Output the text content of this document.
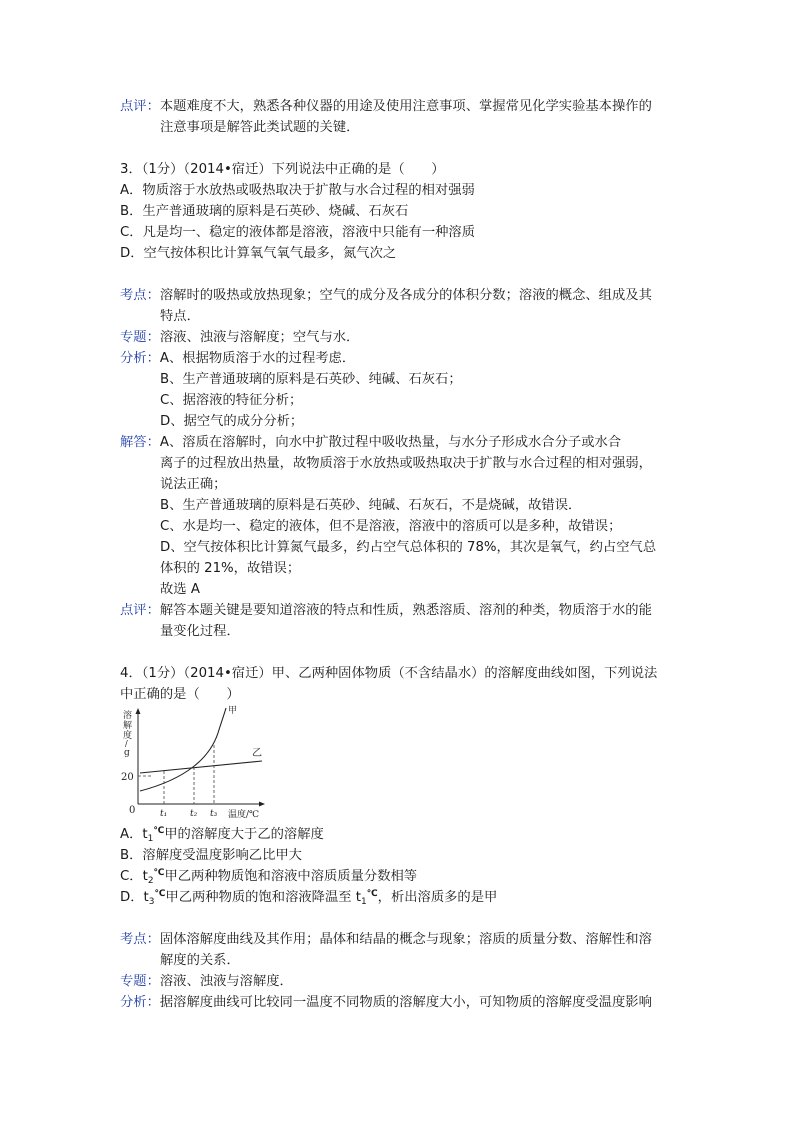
点评：本题难度不大，熟悉各种仪器的用途及使用注意事项、掌握常见化学实验基本操作的
注意事项是解答此类试题的关键．
3．（1分）（2014•宿迁）下列说法中正确的是（　　）
A．物质溶于水放热或吸热取决于扩散与水合过程的相对强弱
B．生产普通玻璃的原料是石英砂、烧碱、石灰石
C．凡是均一、稳定的液体都是溶液，溶液中只能有一种溶质
D．空气按体积比计算氧气氧气最多，氮气次之
考点：溶解时的吸热或放热现象；空气的成分及各成分的体积分数；溶液的概念、组成及其
特点．
专题：溶液、浊液与溶解度；空气与水．
分析：A、根据物质溶于水的过程考虑．
B、生产普通玻璃的原料是石英砂、纯碱、石灰石；
C、据溶液的特征分析；
D、据空气的成分分析；
解答：A、溶质在溶解时，向水中扩散过程中吸收热量，与水分子形成水合分子或水合
离子的过程放出热量，故物质溶于水放热或吸热取决于扩散与水合过程的相对强弱，
说法正确；
B、生产普通玻璃的原料是石英砂、纯碱、石灰石，不是烧碱，故错误．
C、水是均一、稳定的液体，但不是溶液，溶液中的溶质可以是多种，故错误；
D、空气按体积比计算氮气最多，约占空气总体积的 78%，其次是氧气，约占空气总
体积的 21%，故错误；
故选 A
点评：解答本题关键是要知道溶液的特点和性质，熟悉溶质、溶剂的种类，物质溶于水的能
量变化过程．
4．（1分）（2014•宿迁）甲、乙两种固体物质（不含结晶水）的溶解度曲线如图，下列说法
中正确的是（　　）
溶
解
度
/
g
20
0
甲
乙
t₁	t₂ t₃ 温度/℃
A．$t_1^℃$甲的溶解度大于乙的溶解度
B．溶解度受温度影响乙比甲大
C．$t_2^℃$甲乙两种物质饱和溶液中溶质质量分数相等
D．$t_3^℃$甲乙两种物质的饱和溶液降温至 $t_1^℃$，析出溶质多的是甲
考点：固体溶解度曲线及其作用；晶体和结晶的概念与现象；溶质的质量分数、溶解性和溶
解度的关系．
专题：溶液、浊液与溶解度．
分析：据溶解度曲线可比较同一温度不同物质的溶解度大小，可知物质的溶解度受温度影响
